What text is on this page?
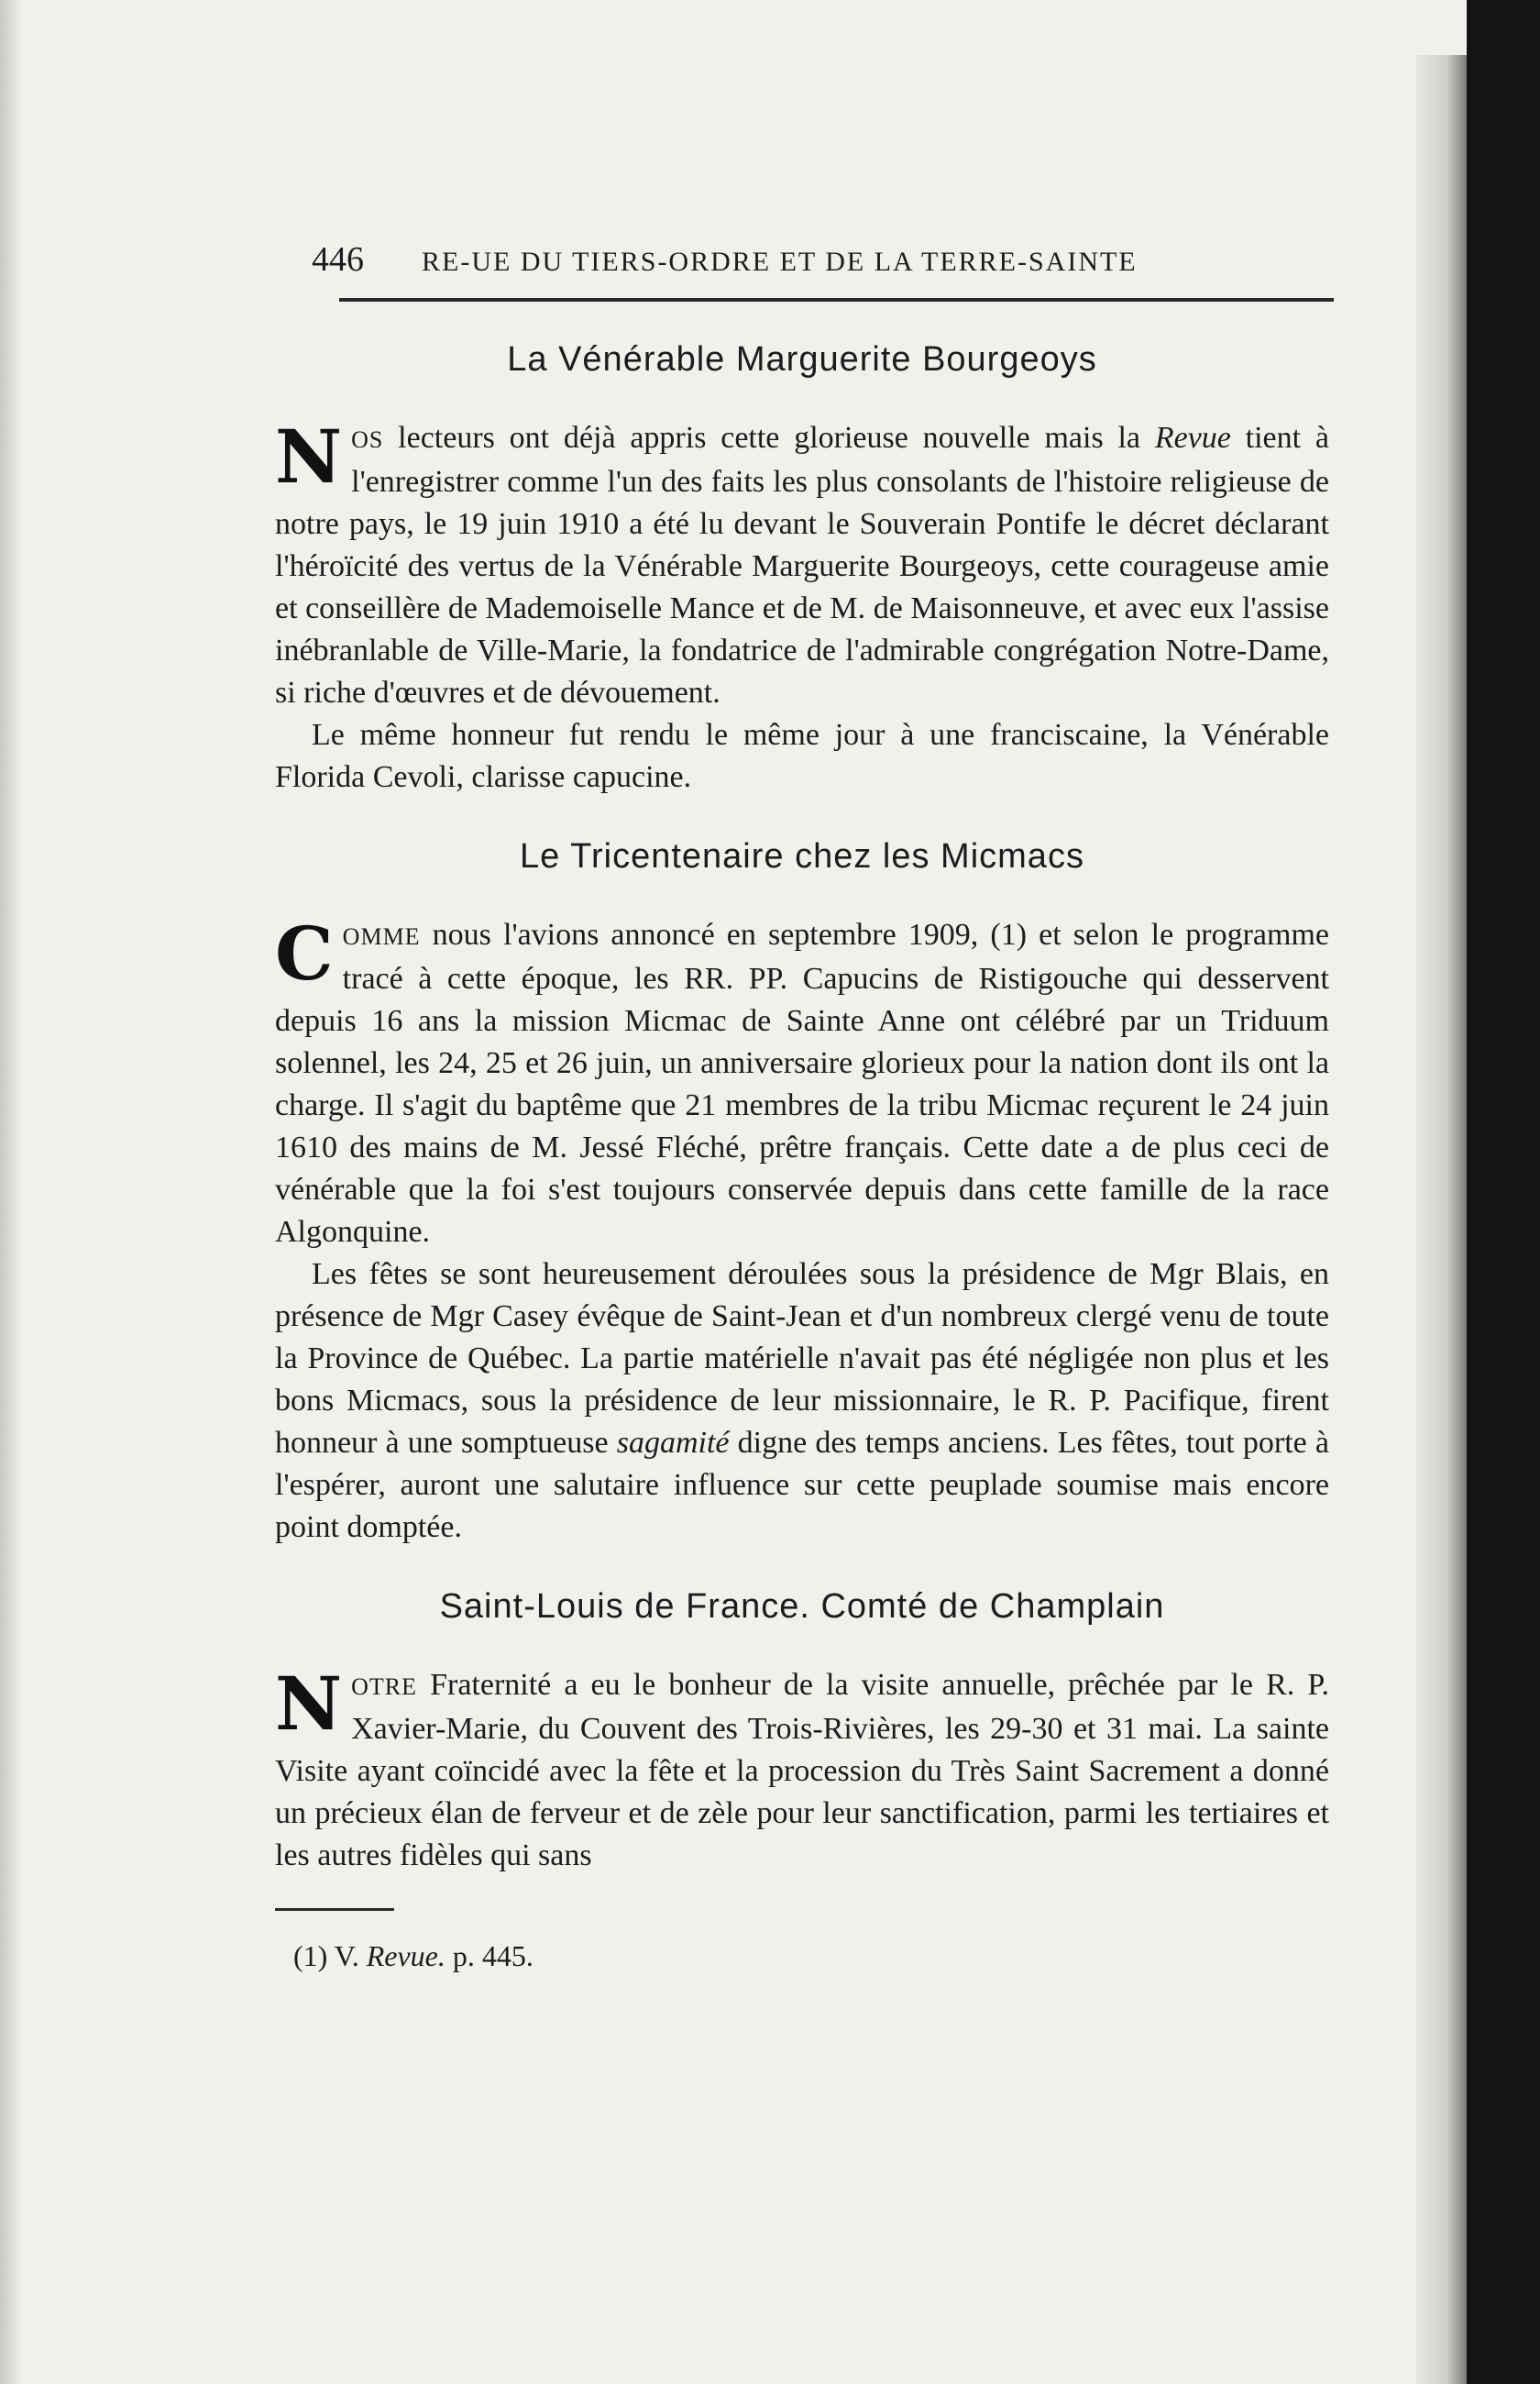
446	RE-UE DU TIERS-ORDRE ET DE LA TERRE-SAINTE
La Vénérable Marguerite Bourgeoys

NOS lecteurs ont déjà appris cette glorieuse nouvelle mais la Revue tient à l'enregistrer comme l'un des faits les plus consolants de l'histoire religieuse de notre pays, le 19 juin 1910 a été lu devant le Souverain Pontife le décret déclarant l'héroïcité des vertus de la Vénérable Marguerite Bourgeoys, cette courageuse amie et conseillère de Mademoiselle Mance et de M. de Maisonneuve, et avec eux l'assise inébranlable de Ville-Marie, la fondatrice de l'admirable congrégation Notre-Dame, si riche d'œuvres et de dévouement.

Le même honneur fut rendu le même jour à une franciscaine, la Vénérable Florida Cevoli, clarisse capucine.

Le Tricentenaire chez les Micmacs

COMME nous l'avions annoncé en septembre 1909, (1) et selon le programme tracé à cette époque, les RR. PP. Capucins de Ristigouche qui desservent depuis 16 ans la mission Micmac de Sainte Anne ont célébré par un Triduum solennel, les 24, 25 et 26 juin, un anniversaire glorieux pour la nation dont ils ont la charge. Il s'agit du baptême que 21 membres de la tribu Micmac reçurent le 24 juin 1610 des mains de M. Jessé Fléché, prêtre français. Cette date a de plus ceci de vénérable que la foi s'est toujours conservée depuis dans cette famille de la race Algonquine.

Les fêtes se sont heureusement déroulées sous la présidence de Mgr Blais, en présence de Mgr Casey évêque de Saint-Jean et d'un nombreux clergé venu de toute la Province de Québec. La partie matérielle n'avait pas été négligée non plus et les bons Micmacs, sous la présidence de leur missionnaire, le R. P. Pacifique, firent honneur à une somptueuse sagamité digne des temps anciens. Les fêtes, tout porte à l'espérer, auront une salutaire influence sur cette peuplade soumise mais encore point domptée.

Saint-Louis de France. Comté de Champlain

NOTRE Fraternité a eu le bonheur de la visite annuelle, prêchée par le R. P. Xavier-Marie, du Couvent des Trois-Rivières, les 29-30 et 31 mai. La sainte Visite ayant coïncidé avec la fête et la procession du Très Saint Sacrement a donné un précieux élan de ferveur et de zèle pour leur sanctification, parmi les tertiaires et les autres fidèles qui sans

(1) V. Revue. p. 445.
